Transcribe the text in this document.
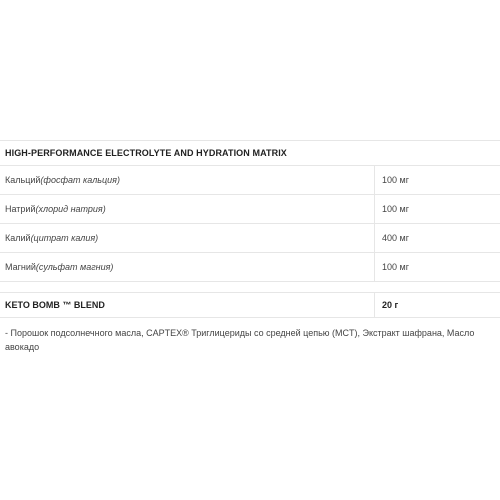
HIGH-PERFORMANCE ELECTROLYTE AND HYDRATION MATRIX
Кальций (фосфат кальция)	100 мг
Натрий (хлорид натрия)	100 мг
Калий (цитрат калия)	400 мг
Магний (сульфат магния)	100 мг
KETO BOMB ™ BLEND	20 г
- Порошок подсолнечного масла, CAPTEX® Триглицериды со средней цепью (MCT), Экстракт шафрана, Масло авокадо
